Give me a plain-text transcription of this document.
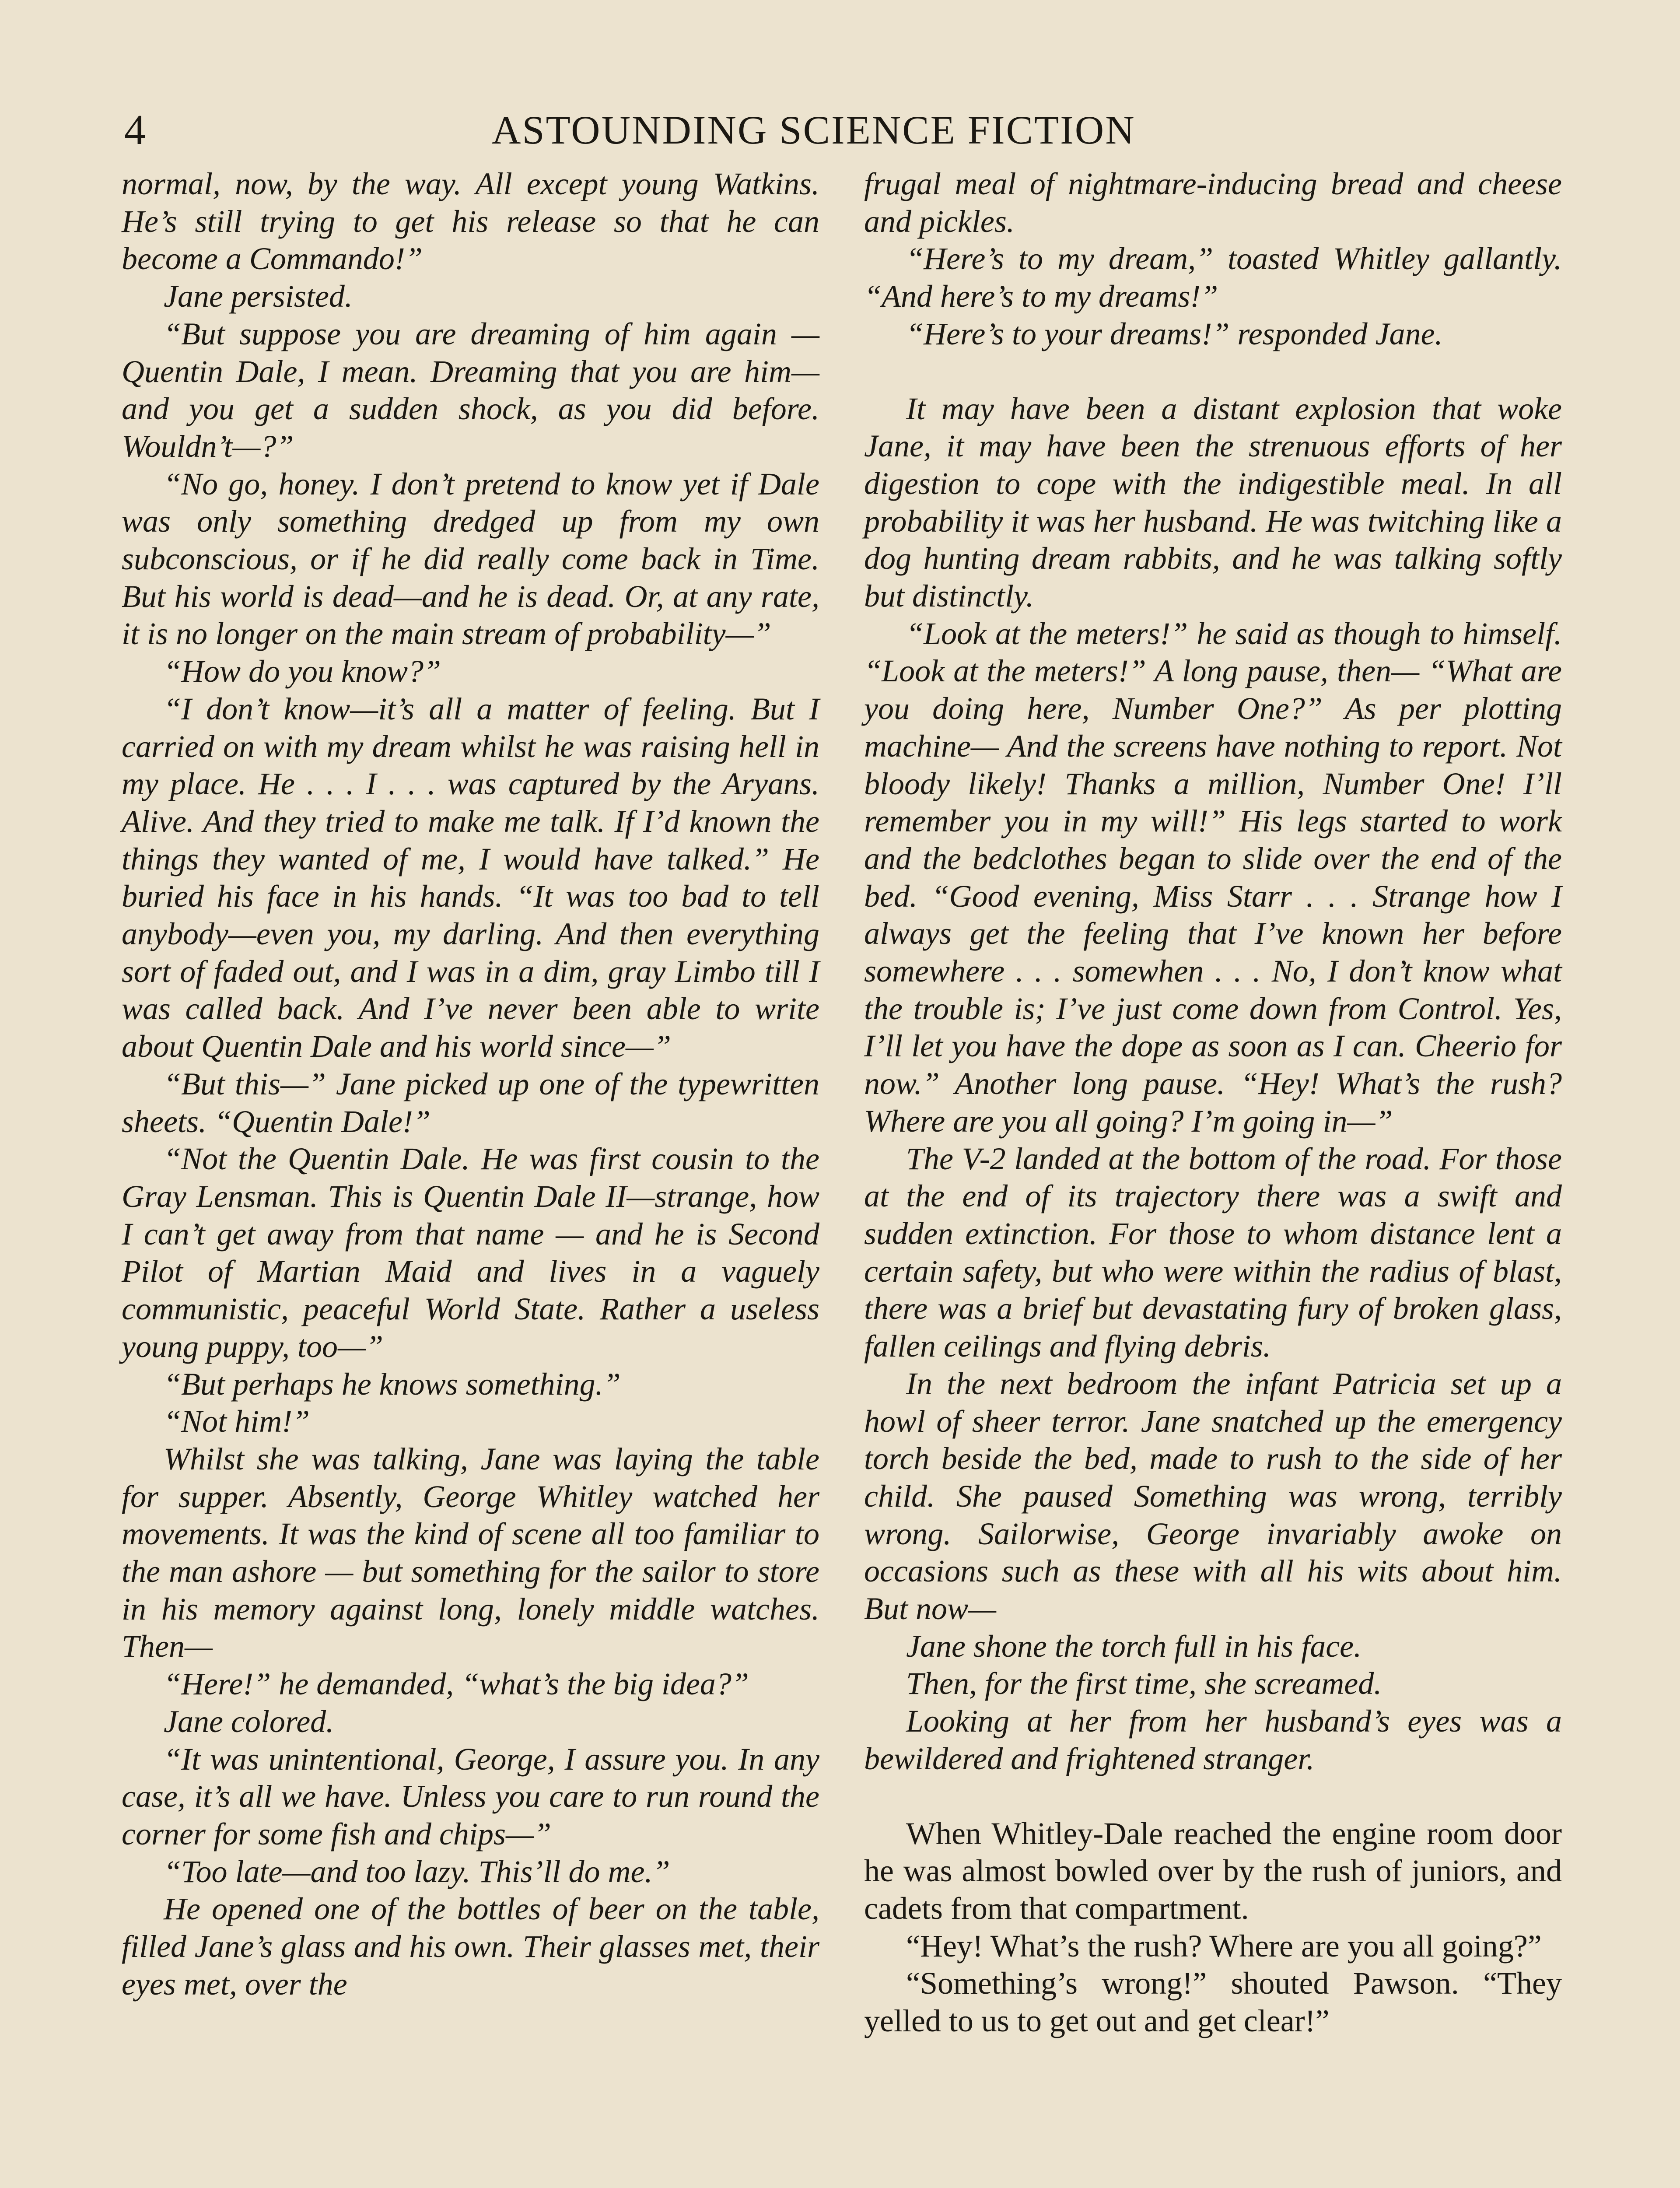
4	ASTOUNDING SCIENCE FICTION

normal, now, by the way. All except young Watkins. He’s still trying to get his release so that he can become a Commando!”

Jane persisted.

“But suppose you are dreaming of him again — Quentin Dale, I mean. Dreaming that you are him—and you get a sudden shock, as you did before. Wouldn’t—?”

“No go, honey. I don’t pretend to know yet if Dale was only something dredged up from my own subconscious, or if he did really come back in Time. But his world is dead—and he is dead. Or, at any rate, it is no longer on the main stream of probability—”

“How do you know?”

“I don’t know—it’s all a matter of feeling. But I carried on with my dream whilst he was raising hell in my place. He . . . I . . . was captured by the Aryans. Alive. And they tried to make me talk. If I’d known the things they wanted of me, I would have talked.” He buried his face in his hands. “It was too bad to tell anybody—even you, my darling. And then everything sort of faded out, and I was in a dim, gray Limbo till I was called back. And I’ve never been able to write about Quentin Dale and his world since—”

“But this—” Jane picked up one of the typewritten sheets. “Quentin Dale!”

“Not the Quentin Dale. He was first cousin to the Gray Lensman. This is Quentin Dale II—strange, how I can’t get away from that name — and he is Second Pilot of Martian Maid and lives in a vaguely communistic, peaceful World State. Rather a useless young puppy, too—”

“But perhaps he knows something.”

“Not him!”

Whilst she was talking, Jane was laying the table for supper. Absently, George Whitley watched her movements. It was the kind of scene all too familiar to the man ashore — but something for the sailor to store in his memory against long, lonely middle watches. Then—

“Here!” he demanded, “what’s the big idea?”

Jane colored.

“It was unintentional, George, I assure you. In any case, it’s all we have. Unless you care to run round the corner for some fish and chips—”

“Too late—and too lazy. This’ll do me.”

He opened one of the bottles of beer on the table, filled Jane’s glass and his own. Their glasses met, their eyes met, over the

frugal meal of nightmare-inducing bread and cheese and pickles.

“Here’s to my dream,” toasted Whitley gallantly. “And here’s to my dreams!”

“Here’s to your dreams!” responded Jane.

It may have been a distant explosion that woke Jane, it may have been the strenuous efforts of her digestion to cope with the indigestible meal. In all probability it was her husband. He was twitching like a dog hunting dream rabbits, and he was talking softly but distinctly.

“Look at the meters!” he said as though to himself. “Look at the meters!” A long pause, then— “What are you doing here, Number One?” As per plotting machine— And the screens have nothing to report. Not bloody likely! Thanks a million, Number One! I’ll remember you in my will!” His legs started to work and the bedclothes began to slide over the end of the bed. “Good evening, Miss Starr . . . Strange how I always get the feeling that I’ve known her before somewhere . . . somewhen . . . No, I don’t know what the trouble is; I’ve just come down from Control. Yes, I’ll let you have the dope as soon as I can. Cheerio for now.” Another long pause. “Hey! What’s the rush? Where are you all going? I’m going in—”

The V-2 landed at the bottom of the road. For those at the end of its trajectory there was a swift and sudden extinction. For those to whom distance lent a certain safety, but who were within the radius of blast, there was a brief but devastating fury of broken glass, fallen ceilings and flying debris.

In the next bedroom the infant Patricia set up a howl of sheer terror. Jane snatched up the emergency torch beside the bed, made to rush to the side of her child. She paused Something was wrong, terribly wrong. Sailorwise, George invariably awoke on occasions such as these with all his wits about him. But now—

Jane shone the torch full in his face.

Then, for the first time, she screamed.

Looking at her from her husband’s eyes was a bewildered and frightened stranger.

When Whitley-Dale reached the engine room door he was almost bowled over by the rush of juniors, and cadets from that compartment.

“Hey! What’s the rush? Where are you all going?”

“Something’s wrong!” shouted Pawson. “They yelled to us to get out and get clear!”
